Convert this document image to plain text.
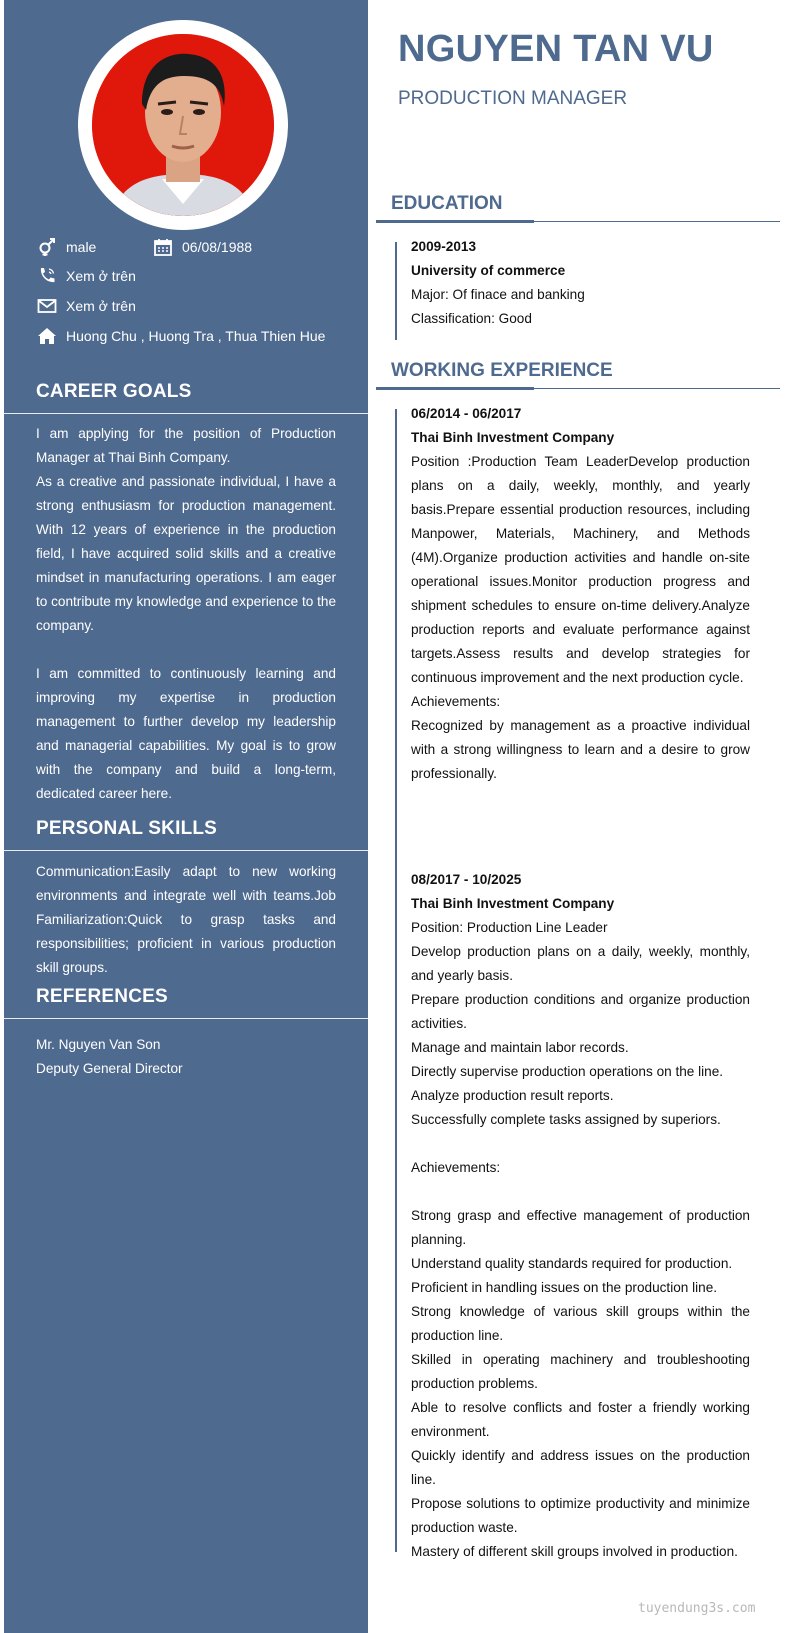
male	06/08/1988
Xem ở trên
Xem ở trên
Huong Chu , Huong Tra , Thua Thien Hue
CAREER GOALS

I am applying for the position of Production Manager at Thai Binh Company.

As a creative and passionate individual, I have a strong enthusiasm for production management. With 12 years of experience in the production field, I have acquired solid skills and a creative mindset in manufacturing operations. I am eager to contribute my knowledge and experience to the company.

I am committed to continuously learning and improving my expertise in production management to further develop my leadership and managerial capabilities. My goal is to grow with the company and build a long-term, dedicated career here.

PERSONAL SKILLS

Communication:Easily adapt to new working environments and integrate well with teams.Job Familiarization:Quick to grasp tasks and responsibilities; proficient in various production skill groups.

REFERENCES

Mr. Nguyen Van Son

Deputy General Director

NGUYEN TAN VU
PRODUCTION MANAGER
EDUCATION

2009-2013

University of commerce

Major: Of finace and banking

Classification: Good

WORKING EXPERIENCE

06/2014 - 06/2017

Thai Binh Investment Company

Position :Production Team LeaderDevelop production plans on a daily, weekly, monthly, and yearly basis.Prepare essential production resources, including Manpower, Materials, Machinery, and Methods (4M).Organize production activities and handle on-site operational issues.Monitor production progress and shipment schedules to ensure on-time delivery.Analyze production reports and evaluate performance against targets.Assess results and develop strategies for continuous improvement and the next production cycle.

Achievements:

Recognized by management as a proactive individual with a strong willingness to learn and a desire to grow professionally.

08/2017 - 10/2025

Thai Binh Investment Company

Position: Production Line Leader

Develop production plans on a daily, weekly, monthly, and yearly basis.

Prepare production conditions and organize production activities.

Manage and maintain labor records.

Directly supervise production operations on the line.

Analyze production result reports.

Successfully complete tasks assigned by superiors.

Achievements:

Strong grasp and effective management of production planning.

Understand quality standards required for production.

Proficient in handling issues on the production line.

Strong knowledge of various skill groups within the production line.

Skilled in operating machinery and troubleshooting production problems.

Able to resolve conflicts and foster a friendly working environment.

Quickly identify and address issues on the production line.

Propose solutions to optimize productivity and minimize production waste.

Mastery of different skill groups involved in production.

tuyendung3s.com
